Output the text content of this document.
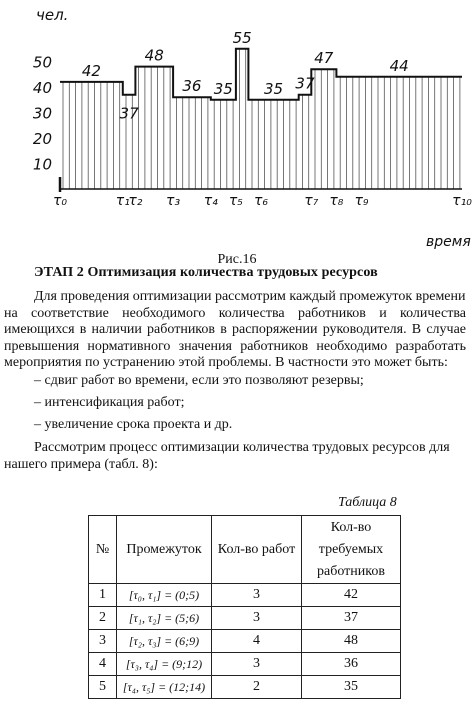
чел.
время
50
40
30
20
10
τ₀	τ₁
τ₂ τ₃ τ₄ τ₅ τ₆	τ₇ τ₈ τ₉	τ₁₀
42
37
48
36 35
55
35 37
47	44
Рис.16
ЭТАП 2 Оптимизация количества трудовых ресурсов
Для проведения оптимизации рассмотрим каждый промежуток времени
на соответствие необходимого количества работников и количества имеющихся в наличии работников в распоряжении руководителя. В случае превышения нормативного значения работников необходимо разработать мероприятия по устранению этой проблемы. В частности это может быть:
– сдвиг работ во времени, если это позволяют резервы;
– интенсификация работ;
– увеличение срока проекта и др.
Рассмотрим процесс оптимизации количества трудовых ресурсов для
нашего примера (табл. 8):
Таблица 8
№	Промежуток	Кол-во работ	Кол-во требуемых работников
1	[τ₀, τ₁] = (0;5)	3	42
2	[τ₁, τ₂] = (5;6)	3	37
3	[τ₂, τ₃] = (6;9)	4	48
4	[τ₃, τ₄] = (9;12)	3	36
5	[τ₄, τ₅] = (12;14)	2	35
